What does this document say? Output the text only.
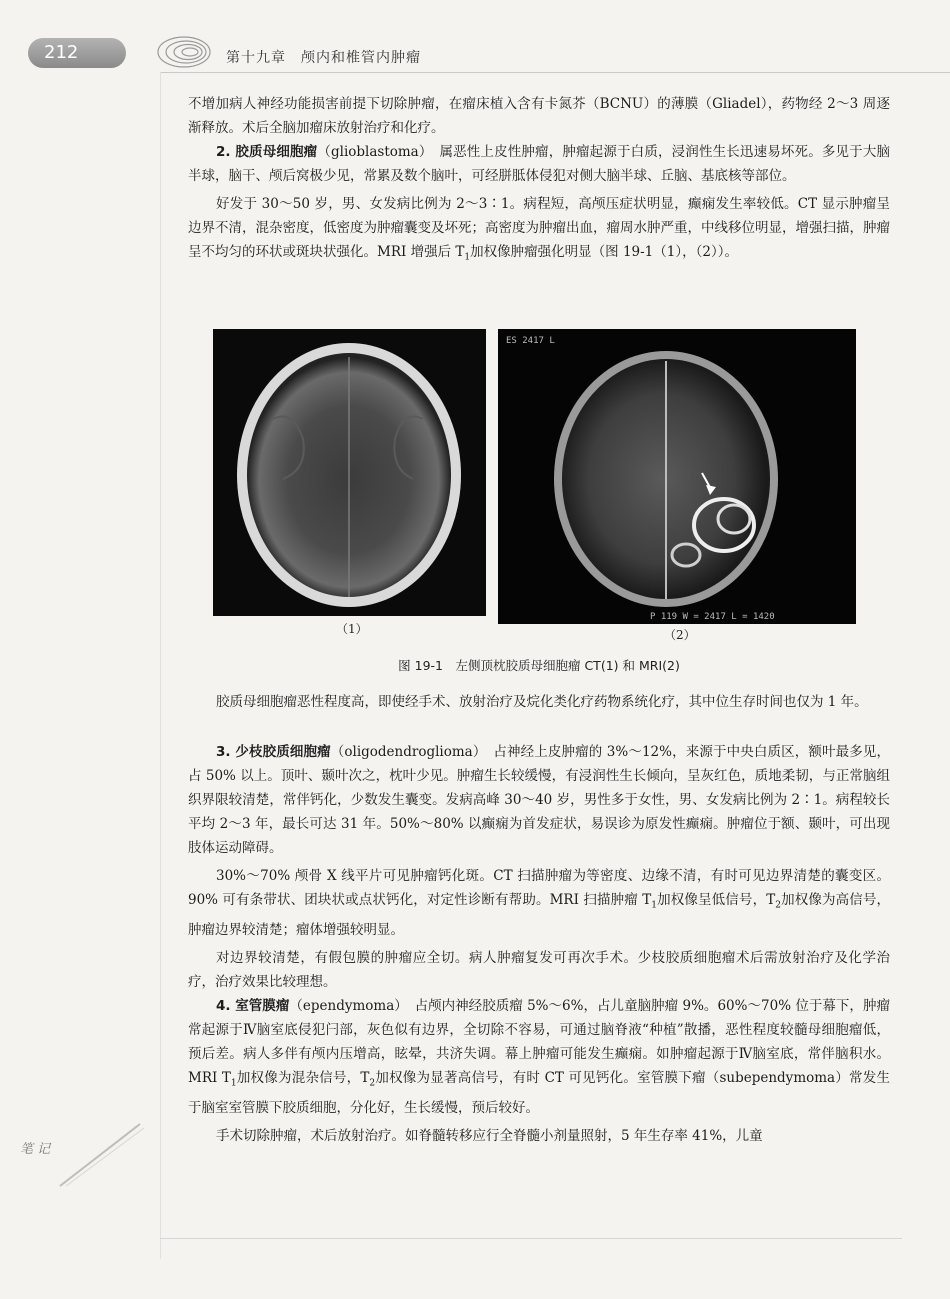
212	第十九章　颅内和椎管内肿瘤

不增加病人神经功能损害前提下切除肿瘤，在瘤床植入含有卡氮芥（BCNU）的薄膜（Gliadel），药物经 2～3 周逐渐释放。术后全脑加瘤床放射治疗和化疗。

2. 胶质母细胞瘤（glioblastoma）　属恶性上皮性肿瘤，肿瘤起源于白质，浸润性生长迅速易坏死。多见于大脑半球，脑干、颅后窝极少见，常累及数个脑叶，可经胼胝体侵犯对侧大脑半球、丘脑、基底核等部位。

好发于 30～50 岁，男、女发病比例为 2～3∶1。病程短，高颅压症状明显，癫痫发生率较低。CT 显示肿瘤呈边界不清，混杂密度，低密度为肿瘤囊变及坏死；高密度为肿瘤出血，瘤周水肿严重，中线移位明显，增强扫描，肿瘤呈不均匀的环状或斑块状强化。MRI 增强后 $T_1$加权像肿瘤强化明显（图 19-1（1），（2））。

ES 2417 L
P 119 W = 2417 L = 1420
（1）	（2）
图 19-1　左侧顶枕胶质母细胞瘤 CT(1) 和 MRI(2)

胶质母细胞瘤恶性程度高，即使经手术、放射治疗及烷化类化疗药物系统化疗，其中位生存时间也仅为 1 年。

3. 少枝胶质细胞瘤（oligodendroglioma）　占神经上皮肿瘤的 3%～12%，来源于中央白质区，额叶最多见，占 50% 以上。顶叶、颞叶次之，枕叶少见。肿瘤生长较缓慢，有浸润性生长倾向，呈灰红色，质地柔韧，与正常脑组织界限较清楚，常伴钙化，少数发生囊变。发病高峰 30～40 岁，男性多于女性，男、女发病比例为 2∶1。病程较长平均 2～3 年，最长可达 31 年。50%～80% 以癫痫为首发症状，易误诊为原发性癫痫。肿瘤位于额、颞叶，可出现肢体运动障碍。

30%～70% 颅骨 X 线平片可见肿瘤钙化斑。CT 扫描肿瘤为等密度、边缘不清，有时可见边界清楚的囊变区。90% 可有条带状、团块状或点状钙化，对定性诊断有帮助。MRI 扫描肿瘤 $T_1$加权像呈低信号，$T_2$加权像为高信号，肿瘤边界较清楚；瘤体增强较明显。

对边界较清楚，有假包膜的肿瘤应全切。病人肿瘤复发可再次手术。少枝胶质细胞瘤术后需放射治疗及化学治疗，治疗效果比较理想。

4. 室管膜瘤（ependymoma）　占颅内神经胶质瘤 5%～6%，占儿童脑肿瘤 9%。60%～70% 位于幕下，肿瘤常起源于Ⅳ脑室底侵犯闩部，灰色似有边界，全切除不容易，可通过脑脊液“种植”散播，恶性程度较髓母细胞瘤低，预后差。病人多伴有颅内压增高，眩晕，共济失调。幕上肿瘤可能发生癫痫。如肿瘤起源于Ⅳ脑室底，常伴脑积水。MRI $T_1$加权像为混杂信号，$T_2$加权像为显著高信号，有时 CT 可见钙化。室管膜下瘤（subependymoma）常发生于脑室室管膜下胶质细胞，分化好，生长缓慢，预后较好。

手术切除肿瘤，术后放射治疗。如脊髓转移应行全脊髓小剂量照射，5 年生存率 41%，儿童

笔 记
